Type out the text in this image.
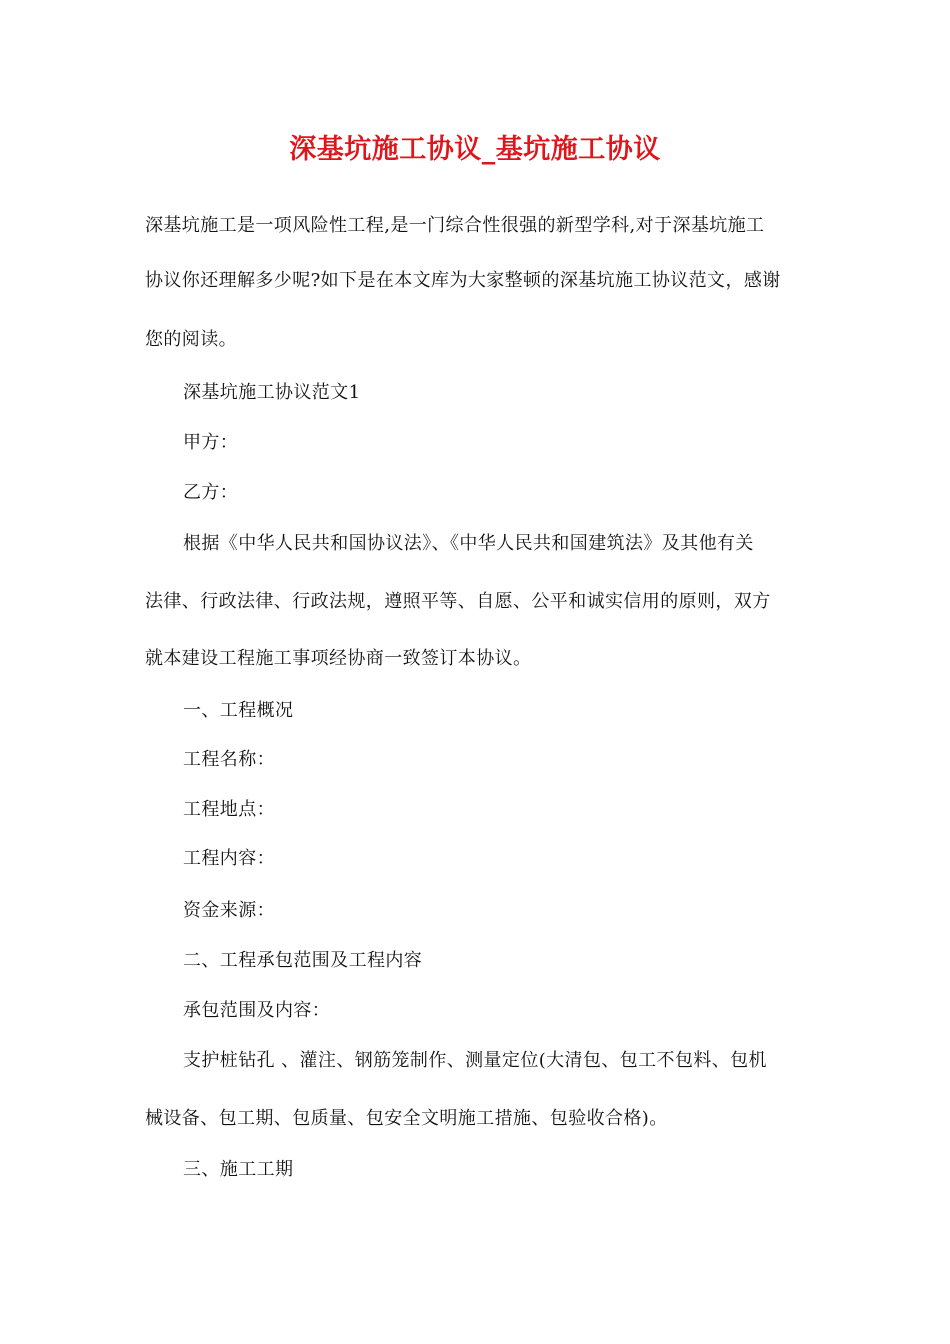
深基坑施工协议_基坑施工协议
深基坑施工是一项风险性工程,是一门综合性很强的新型学科,对于深基坑施工
协议你还理解多少呢?如下是在本文库为大家整顿的深基坑施工协议范文，感谢
您的阅读。
深基坑施工协议范文1
甲方：
乙方：
根据《中华人民共和国协议法》、《中华人民共和国建筑法》及其他有关
法律、行政法律、行政法规，遵照平等、自愿、公平和诚实信用的原则，双方
就本建设工程施工事项经协商一致签订本协议。
一、工程概况
工程名称：
工程地点：
工程内容：
资金来源：
二、工程承包范围及工程内容
承包范围及内容：
支护桩钻孔 、灌注、钢筋笼制作、测量定位(大清包、包工不包料、包机
械设备、包工期、包质量、包安全文明施工措施、包验收合格)。
三、施工工期
